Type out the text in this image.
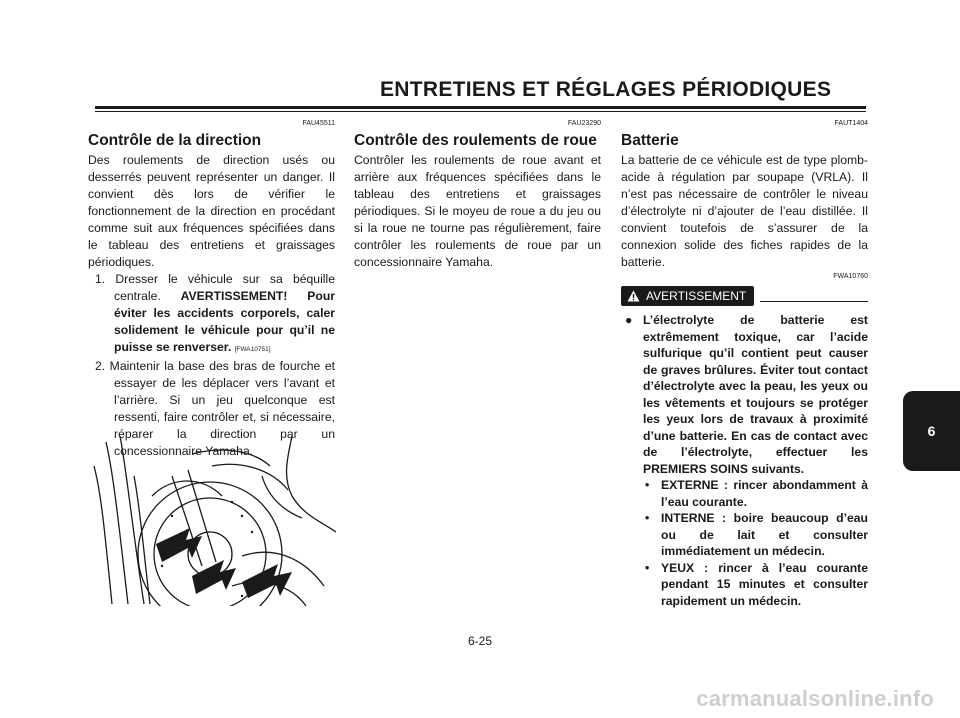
ENTRETIENS ET RÉGLAGES PÉRIODIQUES
FAU45511
Contrôle de la direction

Des roulements de direction usés ou desserrés peuvent représenter un danger. Il convient dès lors de vérifier le fonctionnement de la direction en procédant comme suit aux fréquences spécifiées dans le tableau des entretiens et graissages périodiques.

1. Dresser le véhicule sur sa béquille centrale. AVERTISSEMENT! Pour éviter les accidents corporels, caler solidement le véhicule pour qu’il ne puisse se renverser. [FWA10751]
2. Maintenir la base des bras de fourche et essayer de les déplacer vers l’avant et l’arrière. Si un jeu quelconque est ressenti, faire contrôler et, si nécessaire, réparer la direction par un concessionnaire Yamaha.
FAU23290
Contrôle des roulements de roue

Contrôler les roulements de roue avant et arrière aux fréquences spécifiées dans le tableau des entretiens et graissages périodiques. Si le moyeu de roue a du jeu ou si la roue ne tourne pas régulièrement, faire contrôler les roulements de roue par un concessionnaire Yamaha.

FAUT1404
Batterie

La batterie de ce véhicule est de type plomb-acide à régulation par soupape (VRLA). Il n’est pas nécessaire de contrôler le niveau d’électrolyte ni d’ajouter de l’eau distillée. Il convient toutefois de s’assurer de la connexion solide des fiches rapides de la batterie.

FWA10760
AVERTISSEMENT
● L’électrolyte de batterie est extrêmement toxique, car l’acide sulfurique qu’il contient peut causer de graves brûlures. Éviter tout contact d’électrolyte avec la peau, les yeux ou les vêtements et toujours se protéger les yeux lors de travaux à proximité d’une batterie. En cas de contact avec de l’électrolyte, effectuer les PREMIERS SOINS suivants.
• EXTERNE : rincer abondamment à l’eau courante.
• INTERNE : boire beaucoup d’eau ou de lait et consulter immédiatement un médecin.
• YEUX : rincer à l’eau courante pendant 15 minutes et consulter rapidement un médecin.
6-25
6
carmanualsonline.info
